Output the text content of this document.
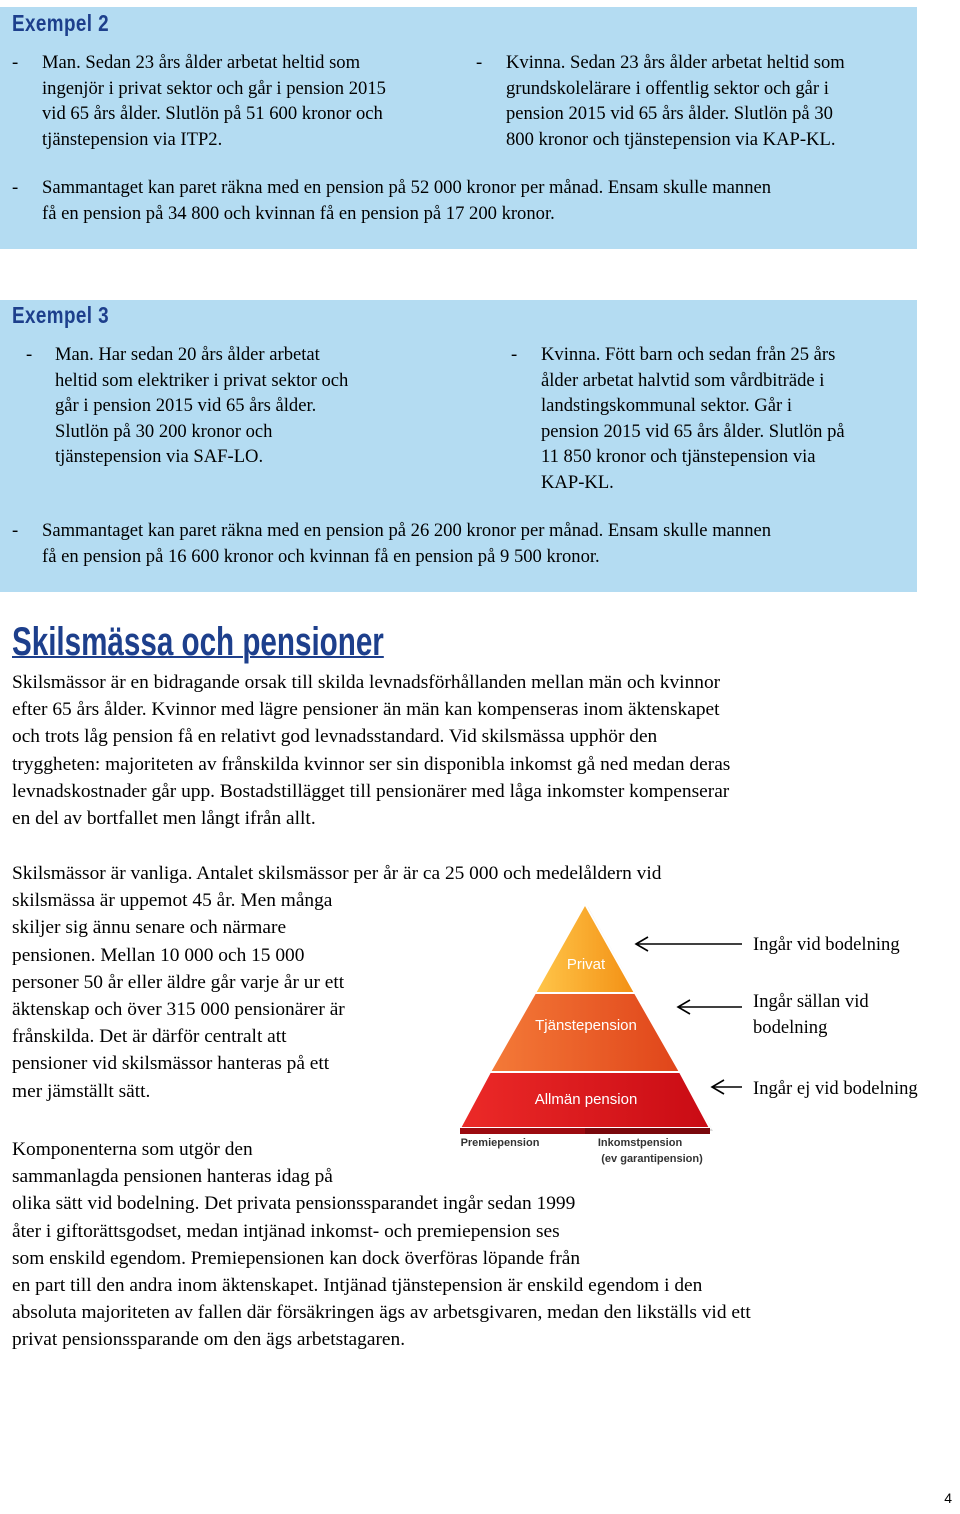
Exempel 2
- Man. Sedan 23 års ålder arbetat heltid som
ingenjör i privat sektor och går i pension 2015
vid 65 års ålder. Slutlön på 51 600 kronor och
tjänstepension via ITP2.
- Kvinna. Sedan 23 års ålder arbetat heltid som
grundskolelärare i offentlig sektor och går i
pension 2015 vid 65 års ålder. Slutlön på 30
800 kronor och tjänstepension via KAP-KL.
- Sammantaget kan paret räkna med en pension på 52 000 kronor per månad. Ensam skulle mannen
få en pension på 34 800 och kvinnan få en pension på 17 200 kronor.
Exempel 3
- Man. Har sedan 20 års ålder arbetat
heltid som elektriker i privat sektor och
går i pension 2015 vid 65 års ålder.
Slutlön på 30 200 kronor och
tjänstepension via SAF-LO.
- Kvinna. Fött barn och sedan från 25 års
ålder arbetat halvtid som vårdbiträde i
landstingskommunal sektor. Går i
pension 2015 vid 65 års ålder. Slutlön på
11 850 kronor och tjänstepension via
KAP-KL.
- Sammantaget kan paret räkna med en pension på 26 200 kronor per månad. Ensam skulle mannen
få en pension på 16 600 kronor och kvinnan få en pension på 9 500 kronor.
Skilsmässa och pensioner
Skilsmässor är en bidragande orsak till skilda levnadsförhållanden mellan män och kvinnor
efter 65 års ålder. Kvinnor med lägre pensioner än män kan kompenseras inom äktenskapet
och trots låg pension få en relativt god levnadsstandard. Vid skilsmässa upphör den
tryggheten: majoriteten av frånskilda kvinnor ser sin disponibla inkomst gå ned medan deras
levnadskostnader går upp. Bostadstillägget till pensionärer med låga inkomster kompenserar
en del av bortfallet men långt ifrån allt.
Skilsmässor är vanliga. Antalet skilsmässor per år är ca 25 000 och medelåldern vid
skilsmässa är uppemot 45 år. Men många
skiljer sig ännu senare och närmare
pensionen. Mellan 10 000 och 15 000
personer 50 år eller äldre går varje år ur ett
äktenskap och över 315 000 pensionärer är
frånskilda. Det är därför centralt att
pensioner vid skilsmässor hanteras på ett
mer jämställt sätt.
Komponenterna som utgör den
sammanlagda pensionen hanteras idag på
olika sätt vid bodelning. Det privata pensionssparandet ingår sedan 1999
åter i giftorättsgodset, medan intjänad inkomst- och premiepension ses
som enskild egendom. Premiepensionen kan dock överföras löpande från
en part till den andra inom äktenskapet. Intjänad tjänstepension är enskild egendom i den
absoluta majoriteten av fallen där försäkringen ägs av arbetsgivaren, medan den likställs vid ett
privat pensionssparande om den ägs arbetstagaren.
Privat
Tjänstepension
Allmän pension
Premiepension	Inkomstpension
(ev garantipension)
Ingår vid bodelning
Ingår sällan vid
bodelning
Ingår ej vid bodelning
4
